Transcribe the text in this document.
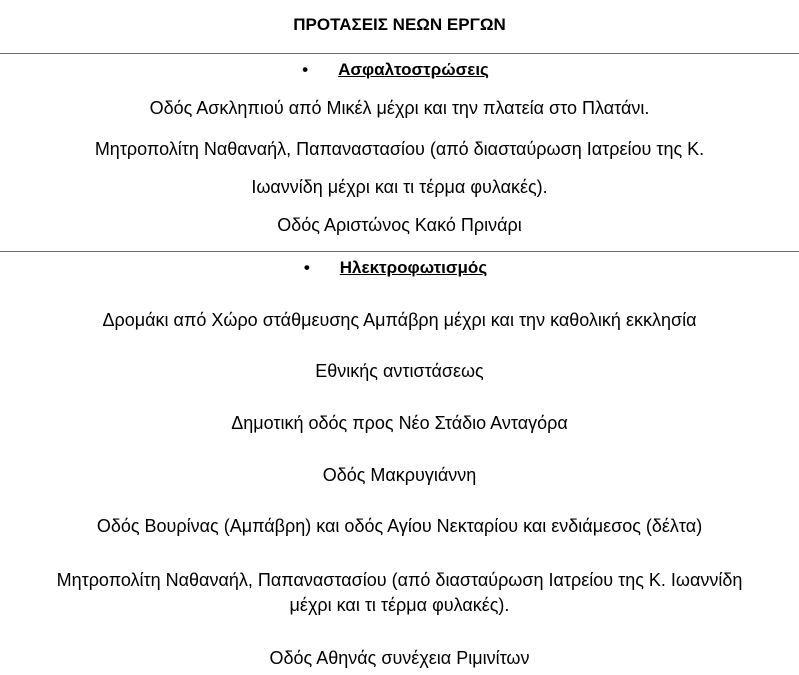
ΠΡΟΤΑΣΕΙΣ ΝΕΩΝ ΕΡΓΩΝ
• Ασφαλτοστρώσεις
Οδός Ασκληπιού από Μικέλ μέχρι και την πλατεία στο Πλατάνι.
Μητροπολίτη Ναθαναήλ, Παπαναστασίου (από διασταύρωση Ιατρείου της Κ.
Ιωαννίδη μέχρι και τι τέρμα φυλακές).
Οδός Αριστώνος Κακό Πρινάρι
• Ηλεκτροφωτισμός
Δρομάκι από Χώρο στάθμευσης Αμπάβρη μέχρι και την καθολική εκκλησία
Εθνικής αντιστάσεως
Δημοτική οδός προς Νέο Στάδιο Ανταγόρα
Οδός Μακρυγιάννη
Οδός Βουρίνας (Αμπάβρη) και οδός Αγίου Νεκταρίου και ενδιάμεσος (δέλτα)
Μητροπολίτη Ναθαναήλ, Παπαναστασίου (από διασταύρωση Ιατρείου της Κ. Ιωαννίδη
μέχρι και τι τέρμα φυλακές).
Οδός Αθηνάς συνέχεια Ριμινίτων
